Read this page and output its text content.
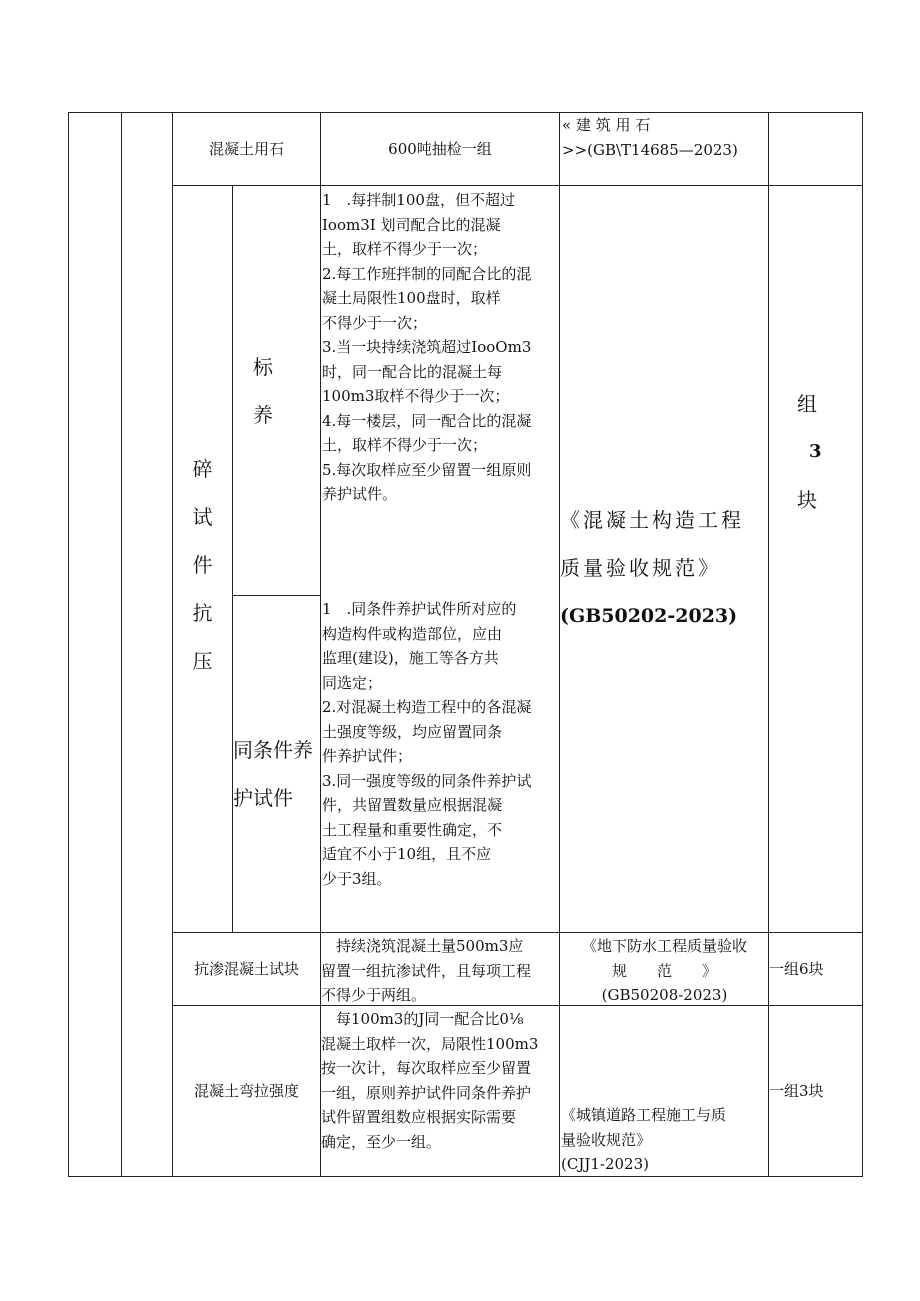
混凝土用石	600吨抽检一组
« 建 筑 用 石
>>(GB\T14685—2023)
碎
试
件
抗
压
标
养
1　.每拌制100盘，但不超过
Ioom3I 划司配合比的混凝
土，取样不得少于一次；
2.每工作班拌制的同配合比的混
凝土局限性100盘时，取样
不得少于一次；
3.当一块持续浇筑超过IooOm3
时，同一配合比的混凝土每
100m3取样不得少于一次；
4.每一楼层，同一配合比的混凝
土，取样不得少于一次；
5.每次取样应至少留置一组原则
养护试件。
同条件养
护试件
1　.同条件养护试件所对应的
构造构件或构造部位，应由
监理(建设)，施工等各方共
同选定；
2.对混凝土构造工程中的各混凝
土强度等级，均应留置同条
件养护试件；
3.同一强度等级的同条件养护试
件，共留置数量应根据混凝
土工程量和重要性确定，不
适宜不小于10组，且不应
少于3组。
《混凝土构造工程
质量验收规范》
(GB50202-2023)
组
3
块
抗渗混凝土试块
　持续浇筑混凝土量500m3应
留置一组抗渗试件，且每项工程
不得少于两组。
《地下防水工程质量验收
规　　范　　》
(GB50208-2023)
一组6块
混凝土弯拉强度
　每100m3的J同一配合比0⅛
混凝土取样一次，局限性100m3
按一次计，每次取样应至少留置
一组，原则养护试件同条件养护
试件留置组数应根据实际需要
确定，至少一组。
《城镇道路工程施工与质
量验收规范》
(CJJ1-2023)
一组3块
